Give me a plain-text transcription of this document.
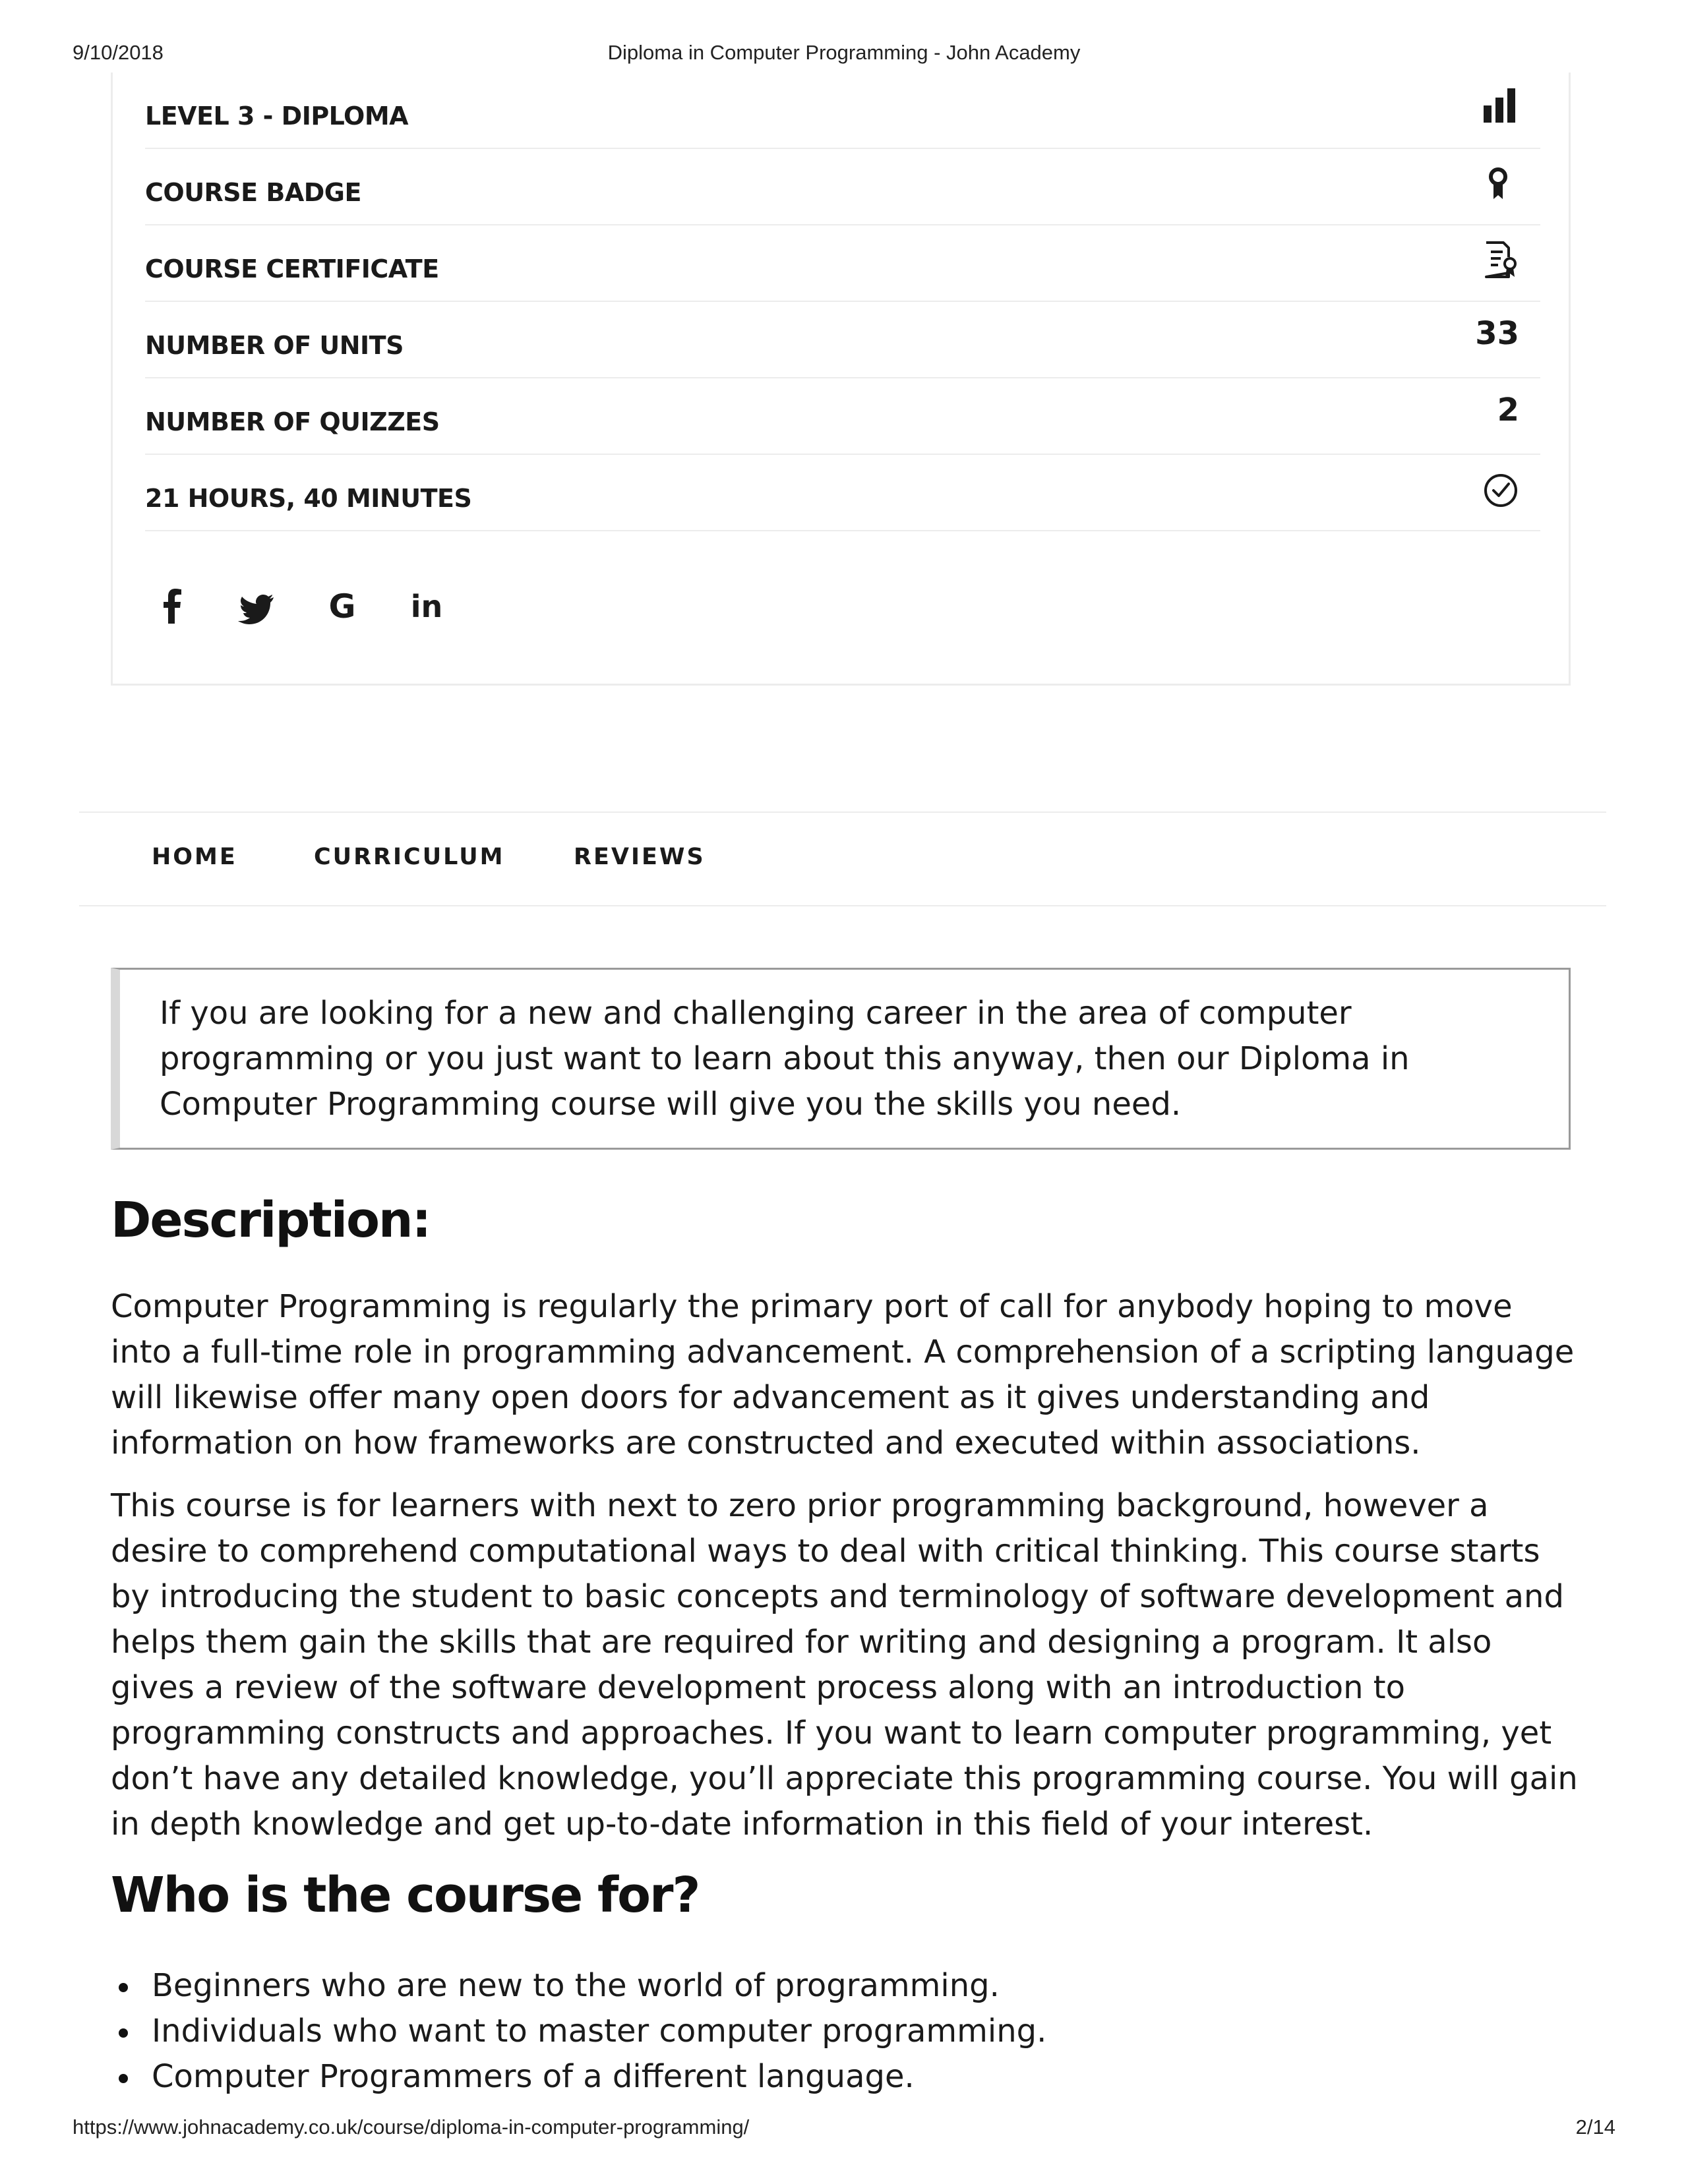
9/10/2018	Diploma in Computer Programming - John Academy
LEVEL 3 - DIPLOMA
COURSE BADGE
COURSE CERTIFICATE
NUMBER OF UNITS	33
NUMBER OF QUIZZES	2
21 HOURS, 40 MINUTES
G in
HOME	CURRICULUM	REVIEWS

If you are looking for a new and challenging career in the area of computer programming or you just want to learn about this anyway, then our Diploma in Computer Programming course will give you the skills you need.

Description:

Computer Programming is regularly the primary port of call for anybody hoping to move into a full-time role in programming advancement. A comprehension of a scripting language will likewise offer many open doors for advancement as it gives understanding and information on how frameworks are constructed and executed within associations.

This course is for learners with next to zero prior programming background, however a desire to comprehend computational ways to deal with critical thinking. This course starts by introducing the student to basic concepts and terminology of software development and helps them gain the skills that are required for writing and designing a program. It also gives a review of the software development process along with an introduction to programming constructs and approaches. If you want to learn computer programming, yet don’t have any detailed knowledge, you’ll appreciate this programming course. You will gain in depth knowledge and get up-to-date information in this field of your interest.

Who is the course for?
Beginners who are new to the world of programming.
Individuals who want to master computer programming.
Computer Programmers of a different language.
https://www.johnacademy.co.uk/course/diploma-in-computer-programming/	2/14
